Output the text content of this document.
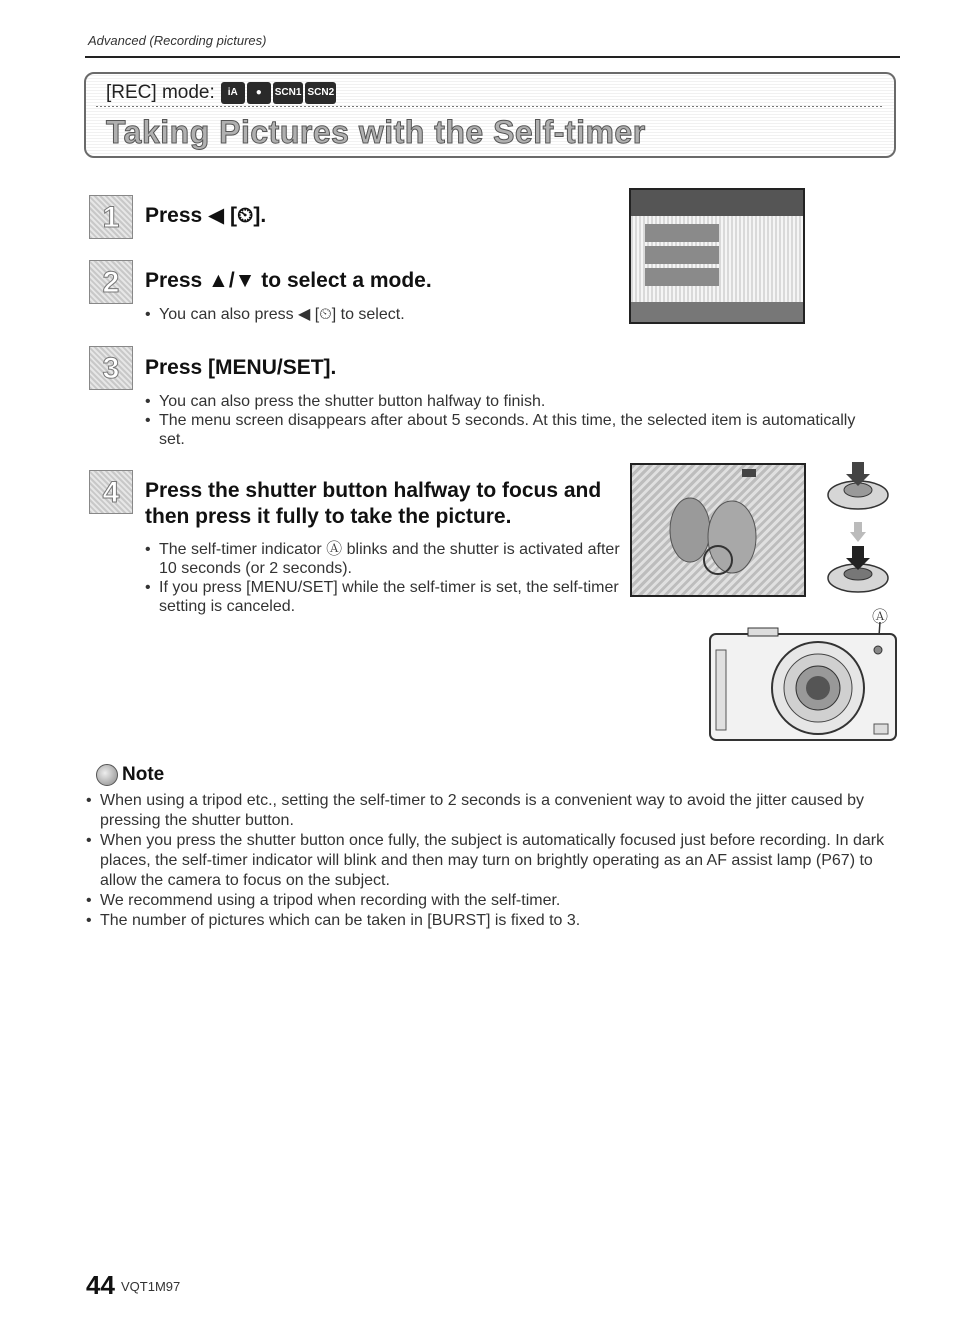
Advanced (Recording pictures)
[REC] mode:	iA	●	SCN1 SCN2
Taking Pictures with the Self-timer
1	Press ◀ [⏲].
2	Press ▲/▼ to select a mode.
• You can also press ◀ [⏲] to select.
3	Press [MENU/SET].
• You can also press the shutter button halfway to finish.
• The menu screen disappears after about 5 seconds. At this time, the selected item is automatically set.
4	Press the shutter button halfway to focus and then press it fully to take the picture.
• The self-timer indicator Ⓐ blinks and the shutter is activated after 10 seconds (or 2 seconds).
• If you press [MENU/SET] while the self-timer is set, the self-timer setting is canceled.
Ⓐ
Note
• When using a tripod etc., setting the self-timer to 2 seconds is a convenient way to avoid the jitter caused by pressing the shutter button.
• When you press the shutter button once fully, the subject is automatically focused just before recording. In dark places, the self-timer indicator will blink and then may turn on brightly operating as an AF assist lamp (P67) to allow the camera to focus on the subject.
• We recommend using a tripod when recording with the self-timer.
• The number of pictures which can be taken in [BURST] is fixed to 3.
44 VQT1M97
